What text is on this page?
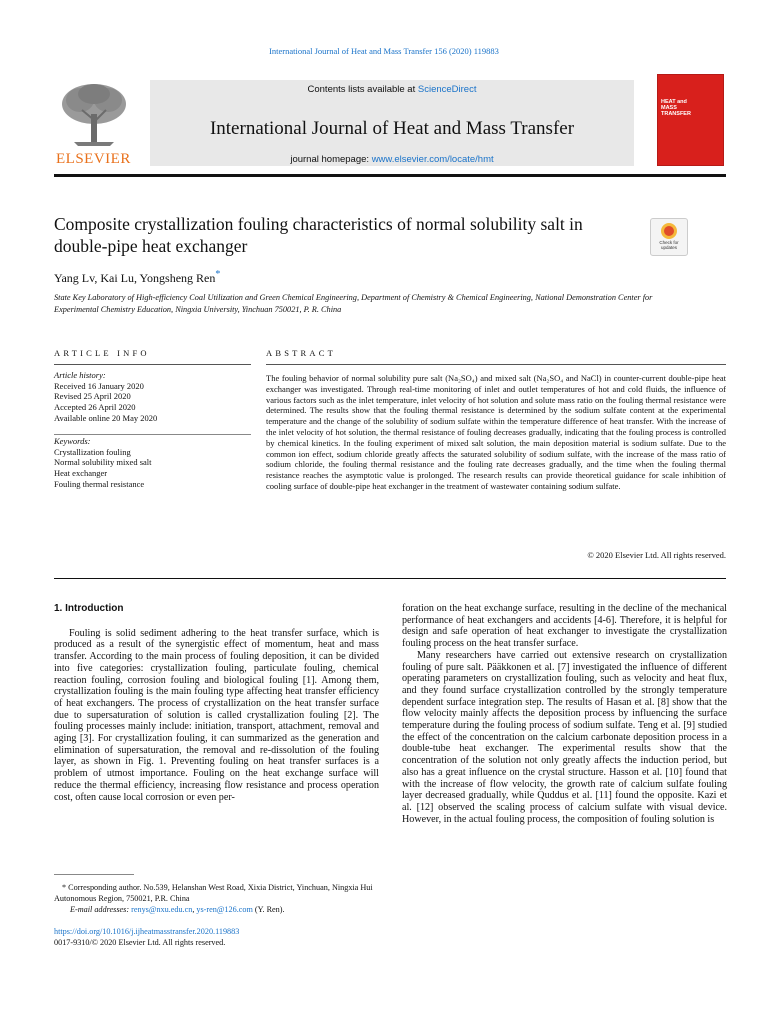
International Journal of Heat and Mass Transfer 156 (2020) 119883
ELSEVIER
Contents lists available at ScienceDirect
International Journal of Heat and Mass Transfer
journal homepage: www.elsevier.com/locate/hmt
HEAT and MASS TRANSFER
Composite crystallization fouling characteristics of normal solubility salt in double-pipe heat exchanger	Check for updates
Yang Lv, Kai Lu, Yongsheng Ren*
State Key Laboratory of High-efficiency Coal Utilization and Green Chemical Engineering, Department of Chemistry & Chemical Engineering, National Demonstration Center for Experimental Chemistry Education, Ningxia University, Yinchuan 750021, P. R. China
ARTICLE INFO	ABSTRACT
Article history:
Received 16 January 2020
Revised 25 April 2020
Accepted 26 April 2020
Available online 20 May 2020
Keywords:
Crystallization fouling
Normal solubility mixed salt
Heat exchanger
Fouling thermal resistance
The fouling behavior of normal solubility pure salt (Na₂SO₄) and mixed salt (Na₂SO₄ and NaCl) in counter-current double-pipe heat exchanger was investigated. Through real-time monitoring of inlet and outlet temperatures of hot and cold fluids, the influence of various factors such as the inlet temperature, inlet velocity of hot solution and solute mass ratio on the fouling thermal resistance were determined. The results show that the fouling thermal resistance is determined by the sodium sulfate content at the experimental temperature and the change of the solubility of sodium sulfate within the temperature difference of heat transfer. With the increase of the inlet velocity of hot solution, the thermal resistance of fouling decreases gradually, indicating that the fouling process is controlled by chemical kinetics. In the fouling experiment of mixed salt solution, the main deposition material is sodium sulfate. Due to the common ion effect, sodium chloride greatly affects the saturated solubility of sodium sulfate, with the increase of the mass ratio of sodium chloride, the fouling thermal resistance and the fouling rate decreases gradually, and the time when the fouling thermal resistance reaches the asymptotic value is prolonged. The research results can provide theoretical guidance for scale inhibition of cooling surface of double-pipe heat exchanger in the treatment of wastewater containing sodium sulfate.
© 2020 Elsevier Ltd. All rights reserved.
1. Introduction
Fouling is solid sediment adhering to the heat transfer surface, which is produced as a result of the synergistic effect of momentum, heat and mass transfer. According to the main process of fouling deposition, it can be divided into five categories: crystallization fouling, particulate fouling, chemical reaction fouling, corrosion fouling and biological fouling [1]. Among them, crystallization fouling is the main fouling type affecting heat transfer efficiency of heat exchangers. The process of crystallization on the heat transfer surface due to supersaturation of solution is called crystallization fouling [2]. The fouling processes mainly include: initiation, transport, attachment, removal and aging [3]. For crystallization fouling, it can summarized as the generation and elimination of supersaturation, the removal and re-dissolution of the fouling layer, as shown in Fig. 1. Preventing fouling on heat transfer surfaces is a problem of utmost importance. Fouling on the heat exchange surface will reduce the thermal efficiency, increasing flow resistance and process operation cost, often cause local corrosion or even per-
foration on the heat exchange surface, resulting in the decline of the mechanical performance of heat exchangers and accidents [4-6]. Therefore, it is helpful for design and safe operation of heat exchanger to investigate the crystallization fouling process on the heat transfer surface.
Many researchers have carried out extensive research on crystallization fouling of pure salt. Pääkkonen et al. [7] investigated the influence of different operating parameters on crystallization fouling, such as velocity and heat flux, and they found surface crystallization controlled by the strongly temperature dependent surface integration step. The results of Hasan et al. [8] show that the flow velocity mainly affects the deposition process by influencing the surface temperature during the fouling process of sodium sulfate. Teng et al. [9] studied the effect of the concentration on the calcium carbonate deposition process in a double-tube heat exchanger. The experimental results show that the concentration of the solution not only greatly affects the induction period, but also has a great influence on the crystal structure. Hasson et al. [10] found that with the increase of flow velocity, the growth rate of calcium sulfate fouling layer decreased gradually, while Quddus et al. [11] found the opposite. Kazi et al. [12] observed the scaling process of calcium sulfate with visual device. However, in the actual fouling process, the composition of fouling solution is
* Corresponding author. No.539, Helanshan West Road, Xixia District, Yinchuan, Ningxia Hui Autonomous Region, 750021, P.R. China
E-mail addresses: renys@nxu.edu.cn, ys-ren@126.com (Y. Ren).
https://doi.org/10.1016/j.ijheatmasstransfer.2020.119883
0017-9310/© 2020 Elsevier Ltd. All rights reserved.
